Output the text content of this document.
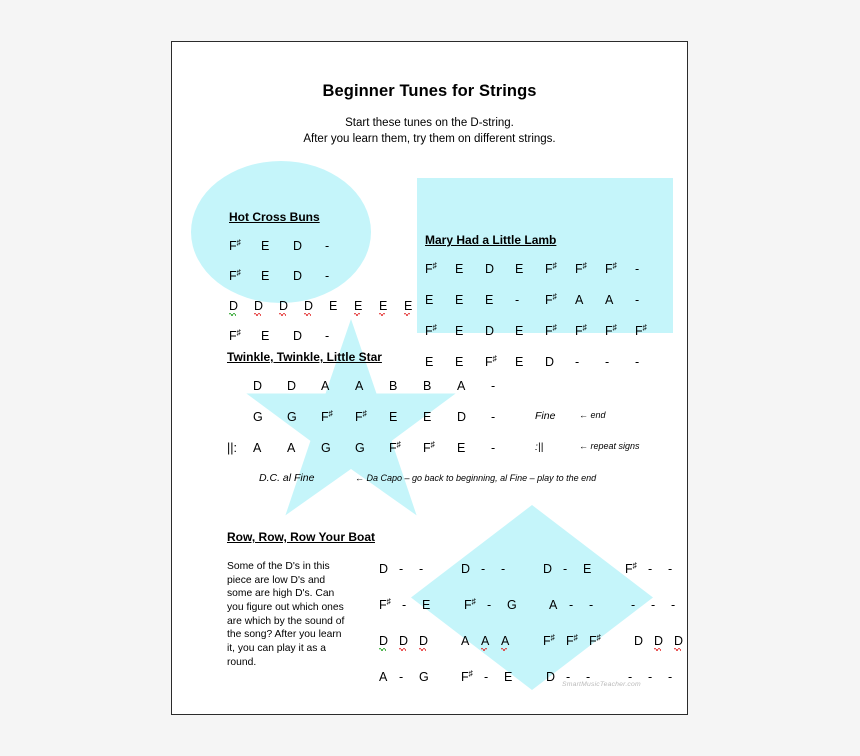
Beginner Tunes for Strings
Start these tunes on the D-string.
After you learn them, try them on different strings.
Hot Cross Buns
F♯	E	D	-
F♯	E	D	-
D	D	D	D	E	E	E	E
F♯	E	D	-
Mary Had a Little Lamb
F♯	E	D	E	F♯	F♯	F♯	-
E	E	E	-	F♯	A	A	-
F♯	E	D	E	F♯	F♯	F♯	F♯
E	E	F♯	E	D	-	-	-
Twinkle, Twinkle, Little Star
D	D	A	A	B	B	A	-
G	G	F♯	F♯	E	E	D	-	Fine	← end
||:	A	A	G	G	F♯	F♯	E	-	:||	← repeat signs
D.C. al Fine	← Da Capo – go back to beginning, al Fine – play to the end
Row, Row, Row Your Boat
Some of the D's in this piece are low D's and some are high D's. Can you figure out which ones are which by the sound of the song? After you learn it, you can play it as a round.
D - -	D - -	D - E	F♯ - -
F♯ - E	F♯ - G	A - -	- - -
D D D	A A A	F♯ F♯ F♯	D D D
A - G	F♯ - E	D - -	- - -
SmartMusicTeacher.com
